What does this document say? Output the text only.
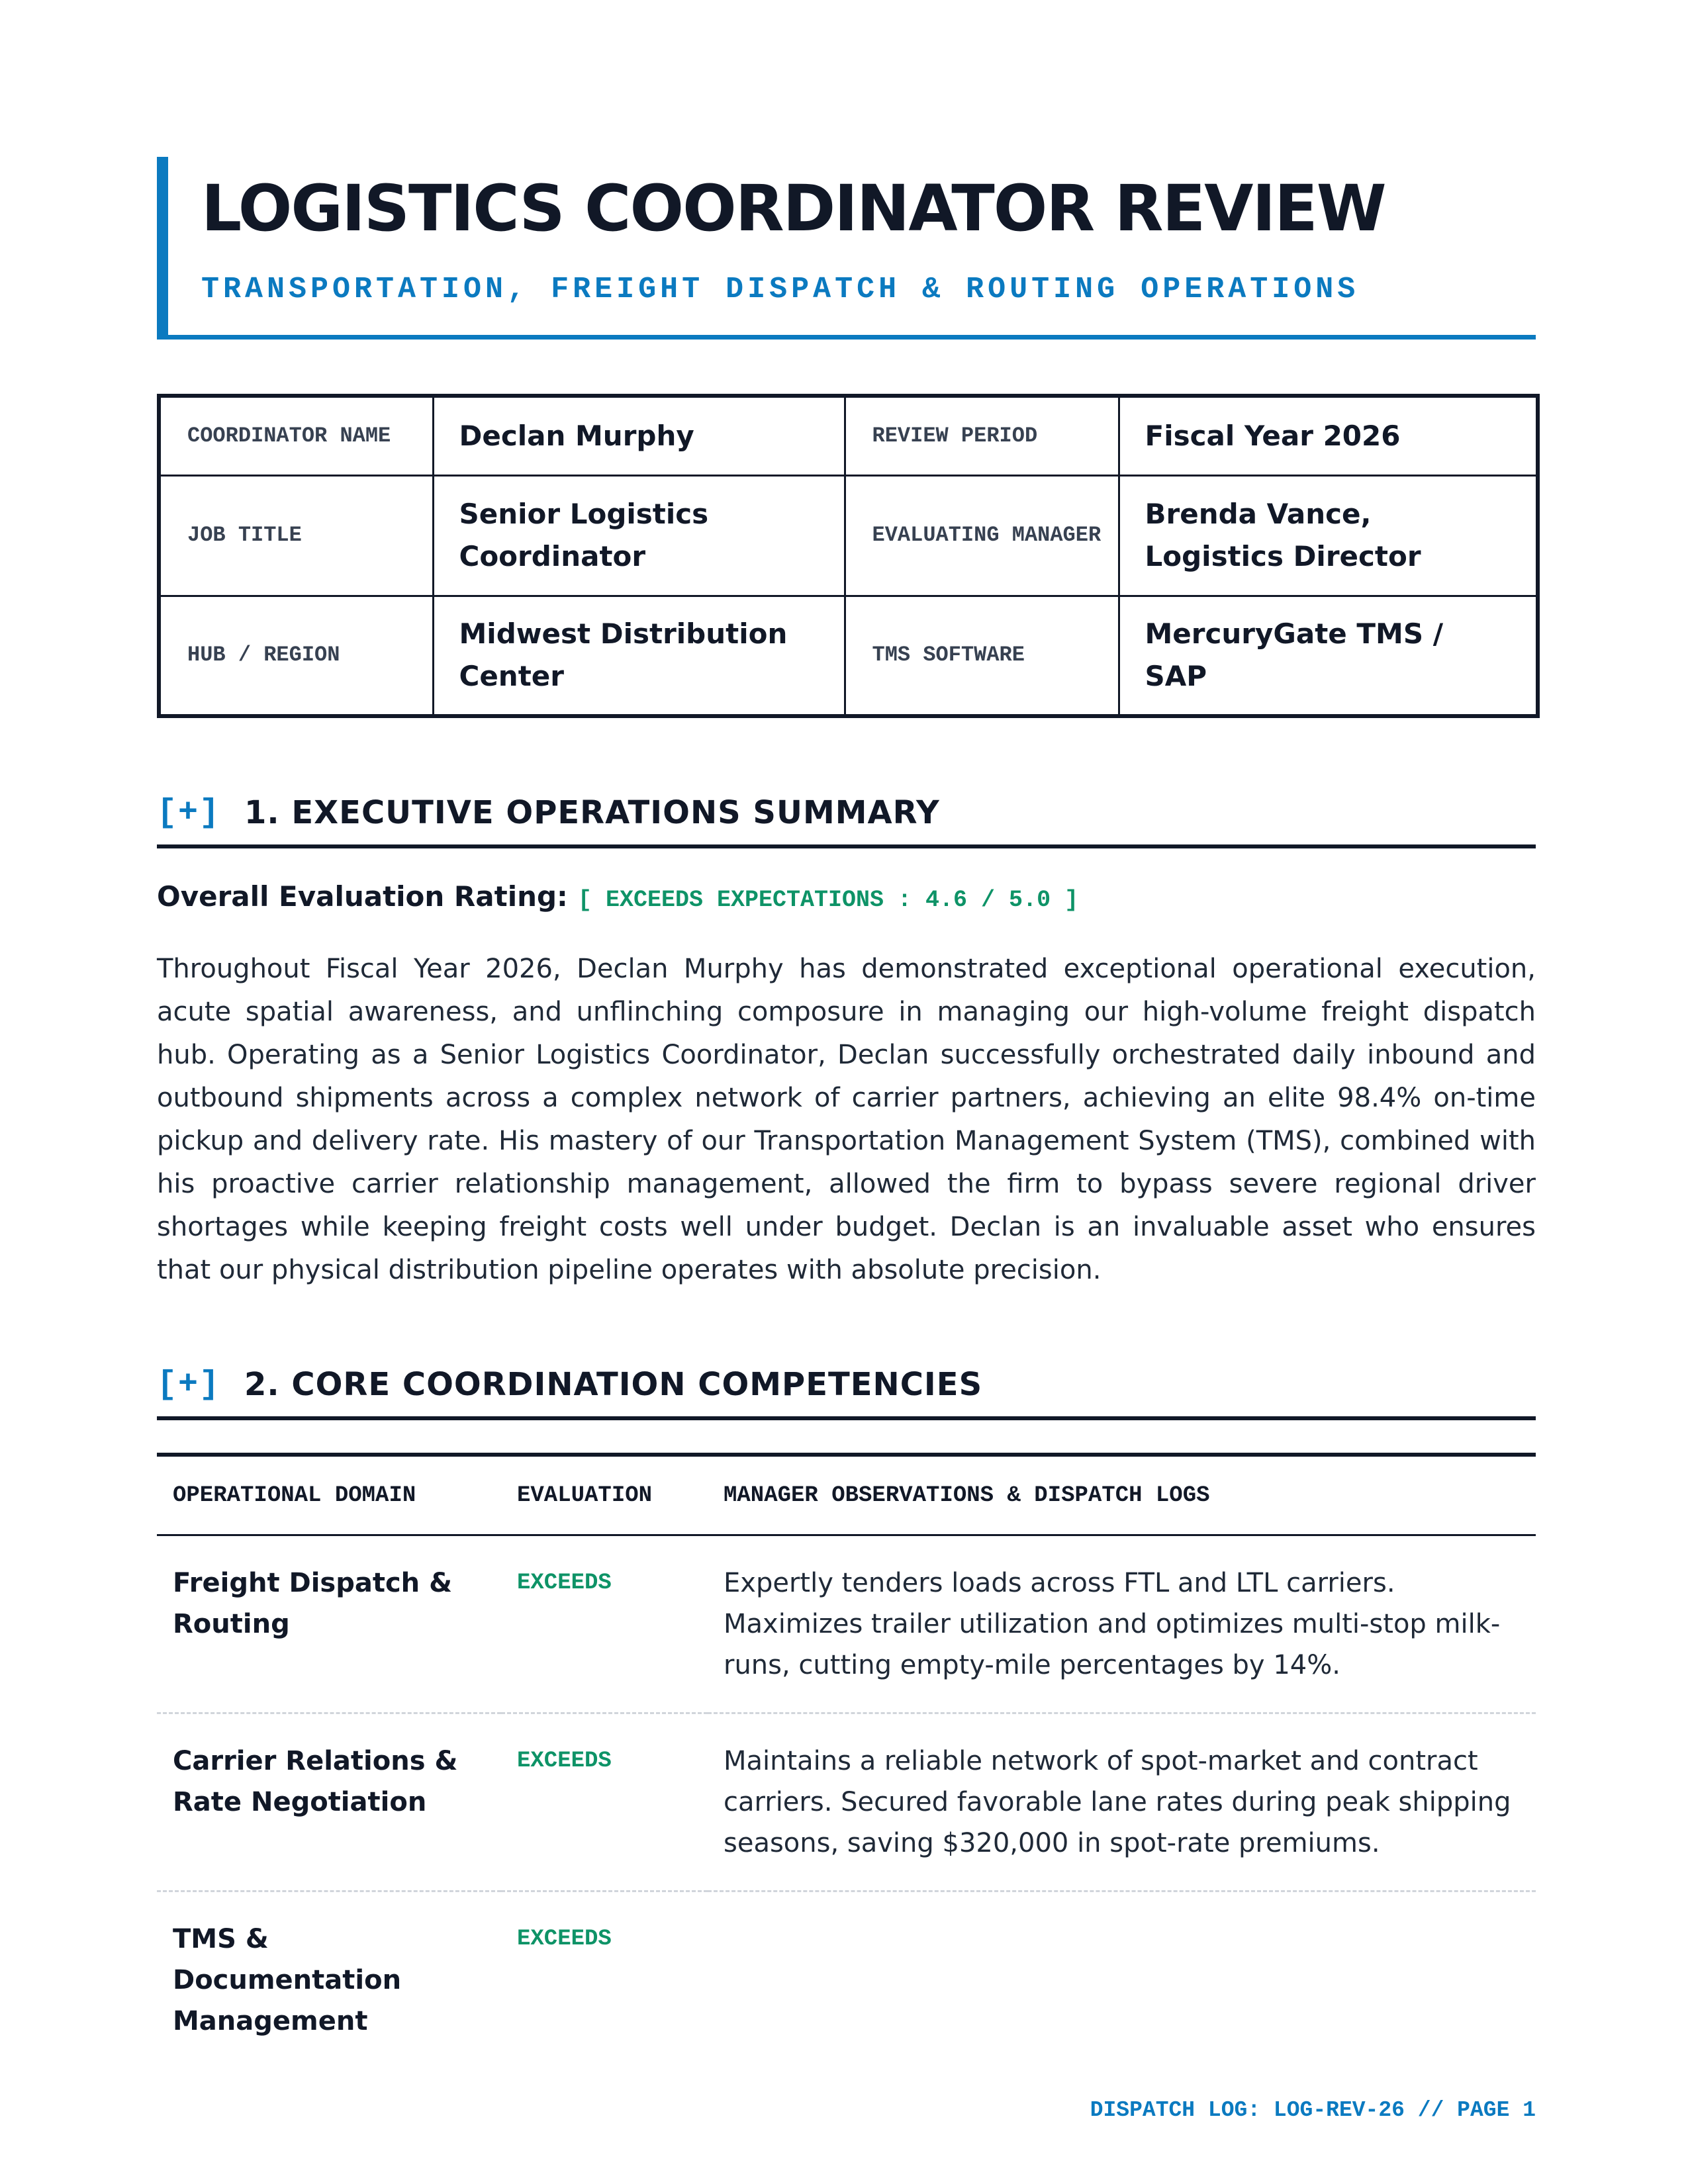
LOGISTICS COORDINATOR REVIEW
TRANSPORTATION, FREIGHT DISPATCH & ROUTING OPERATIONS
COORDINATOR NAME	Declan Murphy	REVIEW PERIOD	Fiscal Year 2026
JOB TITLE	Senior Logistics Coordinator	EVALUATING MANAGER	Brenda Vance, Logistics Director
HUB / REGION	Midwest Distribution Center	TMS SOFTWARE	MercuryGate TMS / SAP
[+] 1. EXECUTIVE OPERATIONS SUMMARY
Overall Evaluation Rating: [ EXCEEDS EXPECTATIONS : 4.6 / 5.0 ]

Throughout Fiscal Year 2026, Declan Murphy has demonstrated exceptional operational execution, acute spatial awareness, and unflinching composure in managing our high-volume freight dispatch hub. Operating as a Senior Logistics Coordinator, Declan successfully orchestrated daily inbound and outbound shipments across a complex network of carrier partners, achieving an elite 98.4% on-time pickup and delivery rate. His mastery of our Transportation Management System (TMS), combined with his proactive carrier relationship management, allowed the firm to bypass severe regional driver shortages while keeping freight costs well under budget. Declan is an invaluable asset who ensures that our physical distribution pipeline operates with absolute precision.

[+] 2. CORE COORDINATION COMPETENCIES
OPERATIONAL DOMAIN	EVALUATION	MANAGER OBSERVATIONS & DISPATCH LOGS
Freight Dispatch & Routing	EXCEEDS	Expertly tenders loads across FTL and LTL carriers. Maximizes trailer utilization and optimizes multi-stop milk-runs, cutting empty-mile percentages by 14%.
Carrier Relations & Rate Negotiation	EXCEEDS	Maintains a reliable network of spot-market and contract carriers. Secured favorable lane rates during peak shipping seasons, saving $320,000 in spot-rate premiums.
TMS & Documentation Management	EXCEEDS	
DISPATCH LOG: LOG-REV-26 // PAGE 1
